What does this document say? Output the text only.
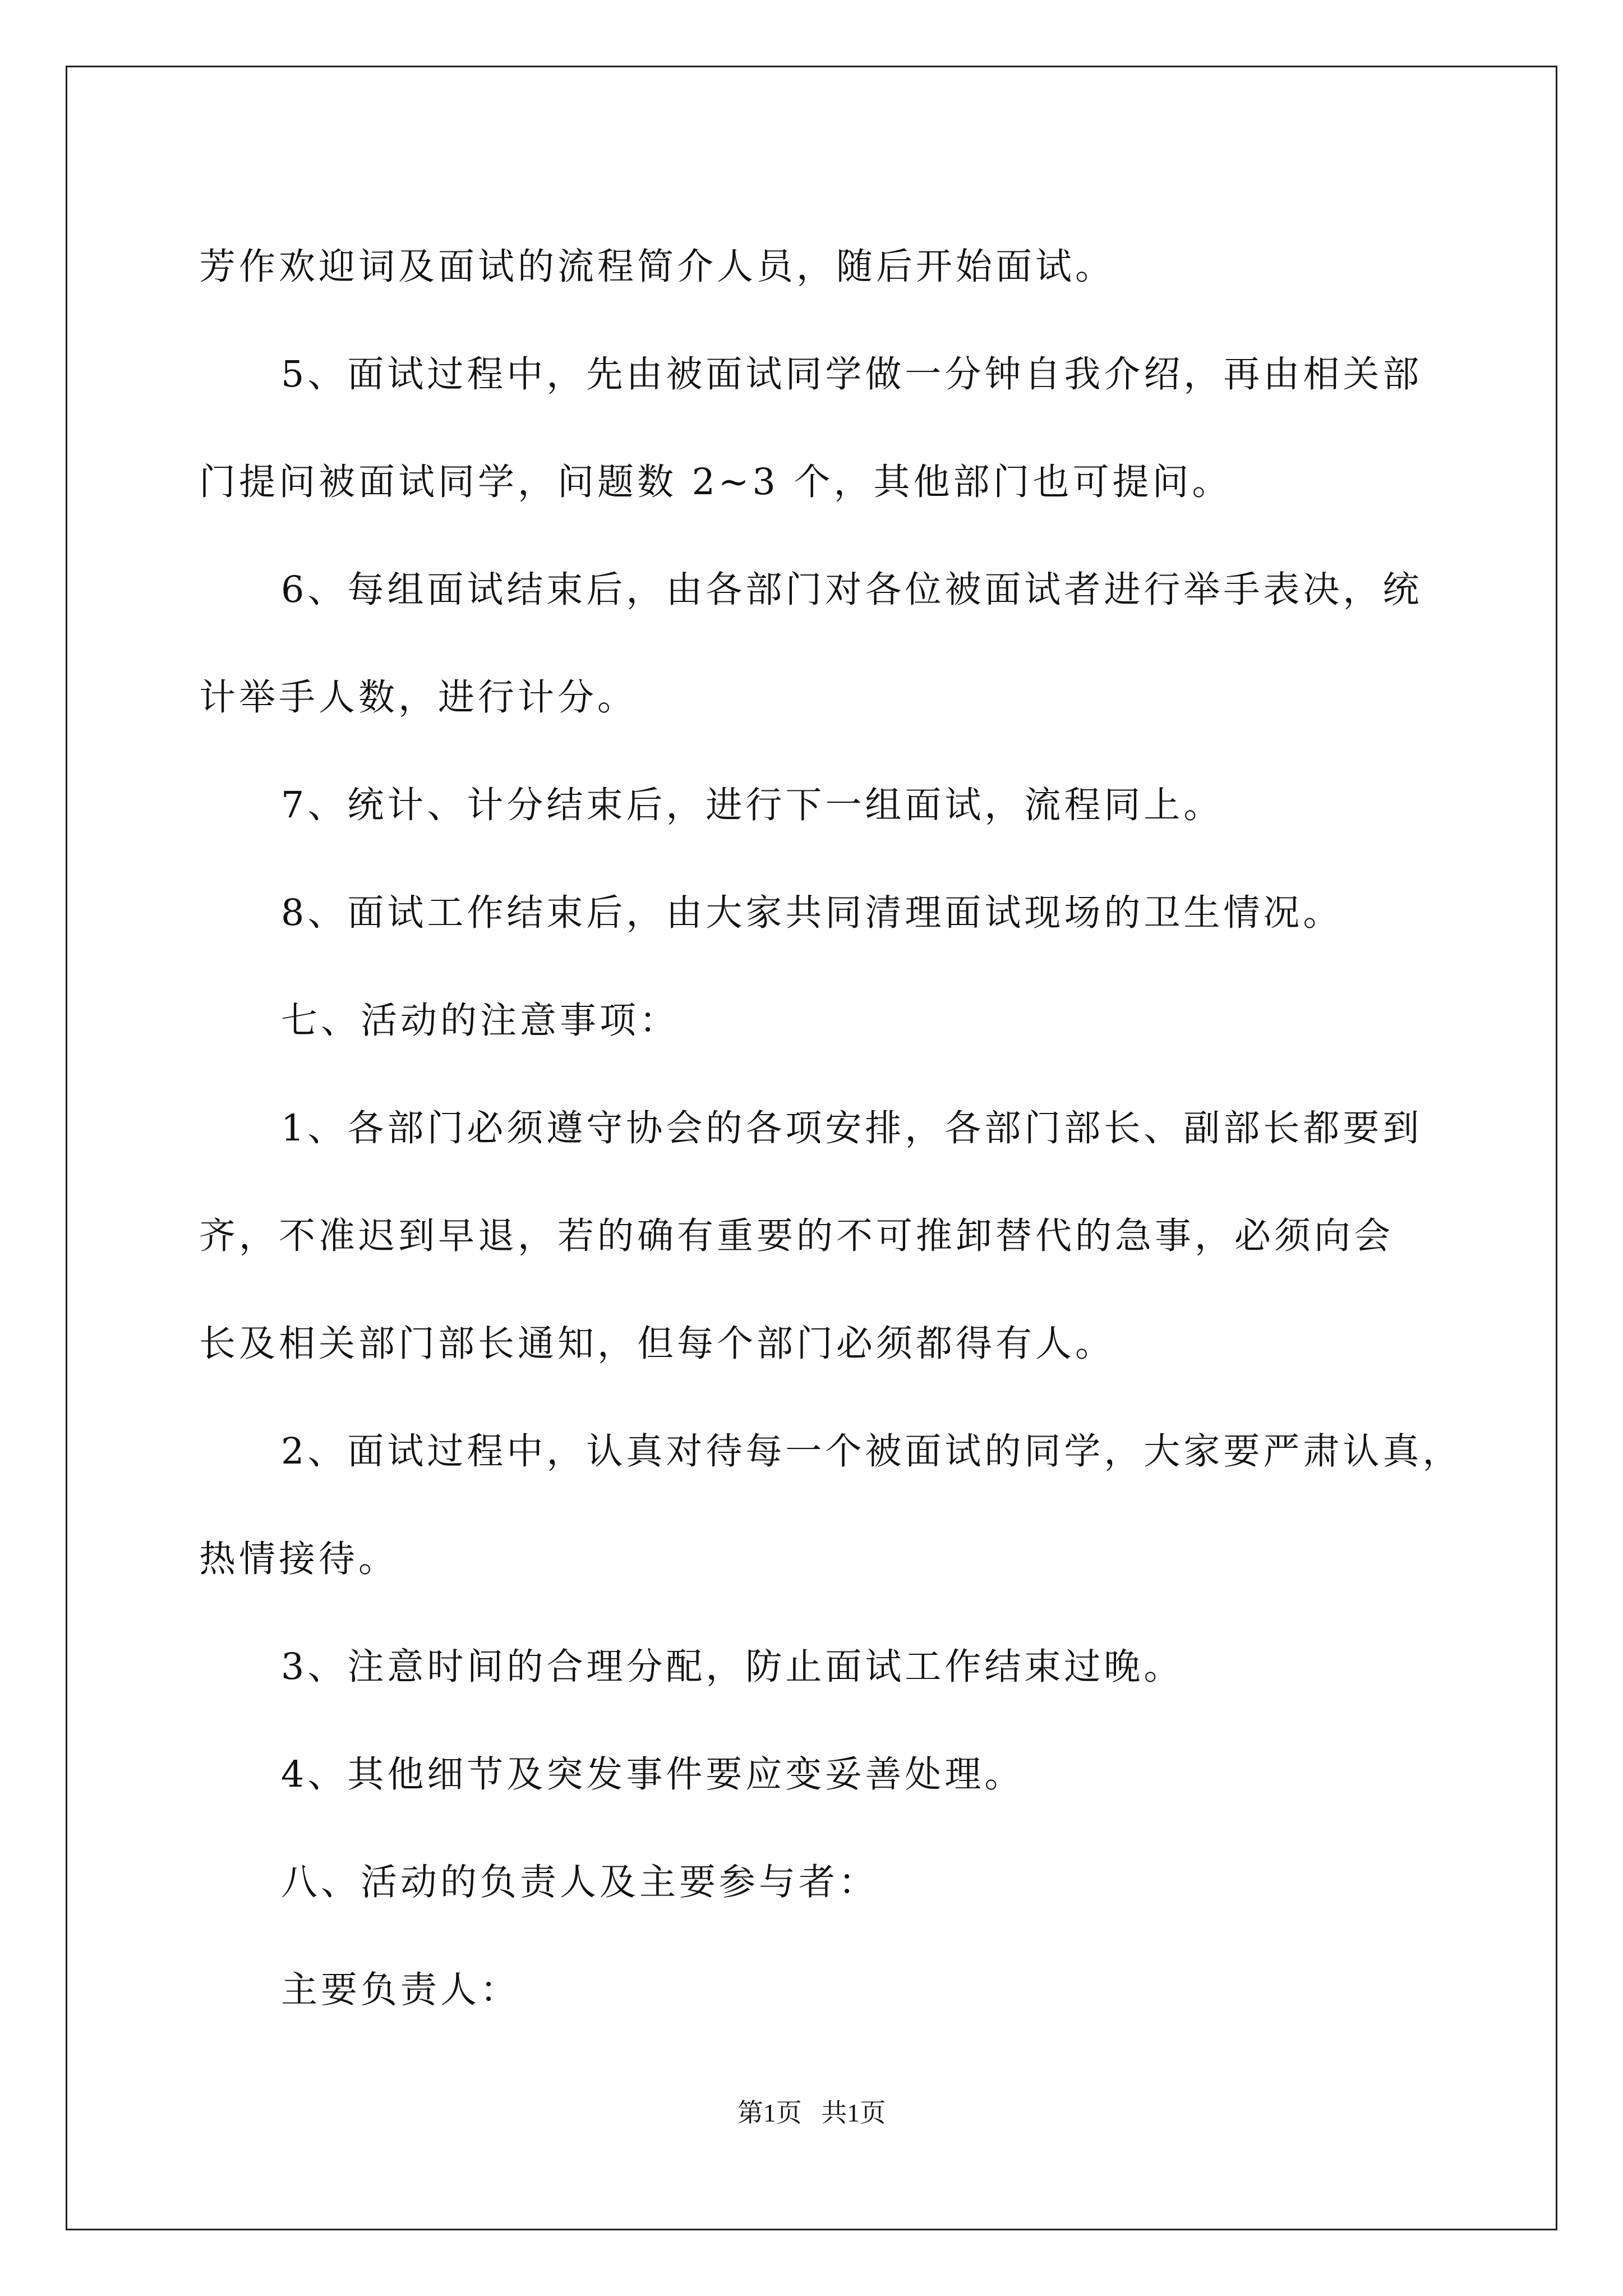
芳作欢迎词及面试的流程简介人员，随后开始面试。

5、面试过程中，先由被面试同学做一分钟自我介绍，再由相关部

门提问被面试同学，问题数 2~3 个，其他部门也可提问。

6、每组面试结束后，由各部门对各位被面试者进行举手表决，统

计举手人数，进行计分。

7、统计、计分结束后，进行下一组面试，流程同上。

8、面试工作结束后，由大家共同清理面试现场的卫生情况。

七、活动的注意事项：

1、各部门必须遵守协会的各项安排，各部门部长、副部长都要到

齐，不准迟到早退，若的确有重要的不可推卸替代的急事，必须向会

长及相关部门部长通知，但每个部门必须都得有人。

2、面试过程中，认真对待每一个被面试的同学，大家要严肃认真，

热情接待。

3、注意时间的合理分配，防止面试工作结束过晚。

4、其他细节及突发事件要应变妥善处理。

八、活动的负责人及主要参与者：

主要负责人：

第1页   共1页
